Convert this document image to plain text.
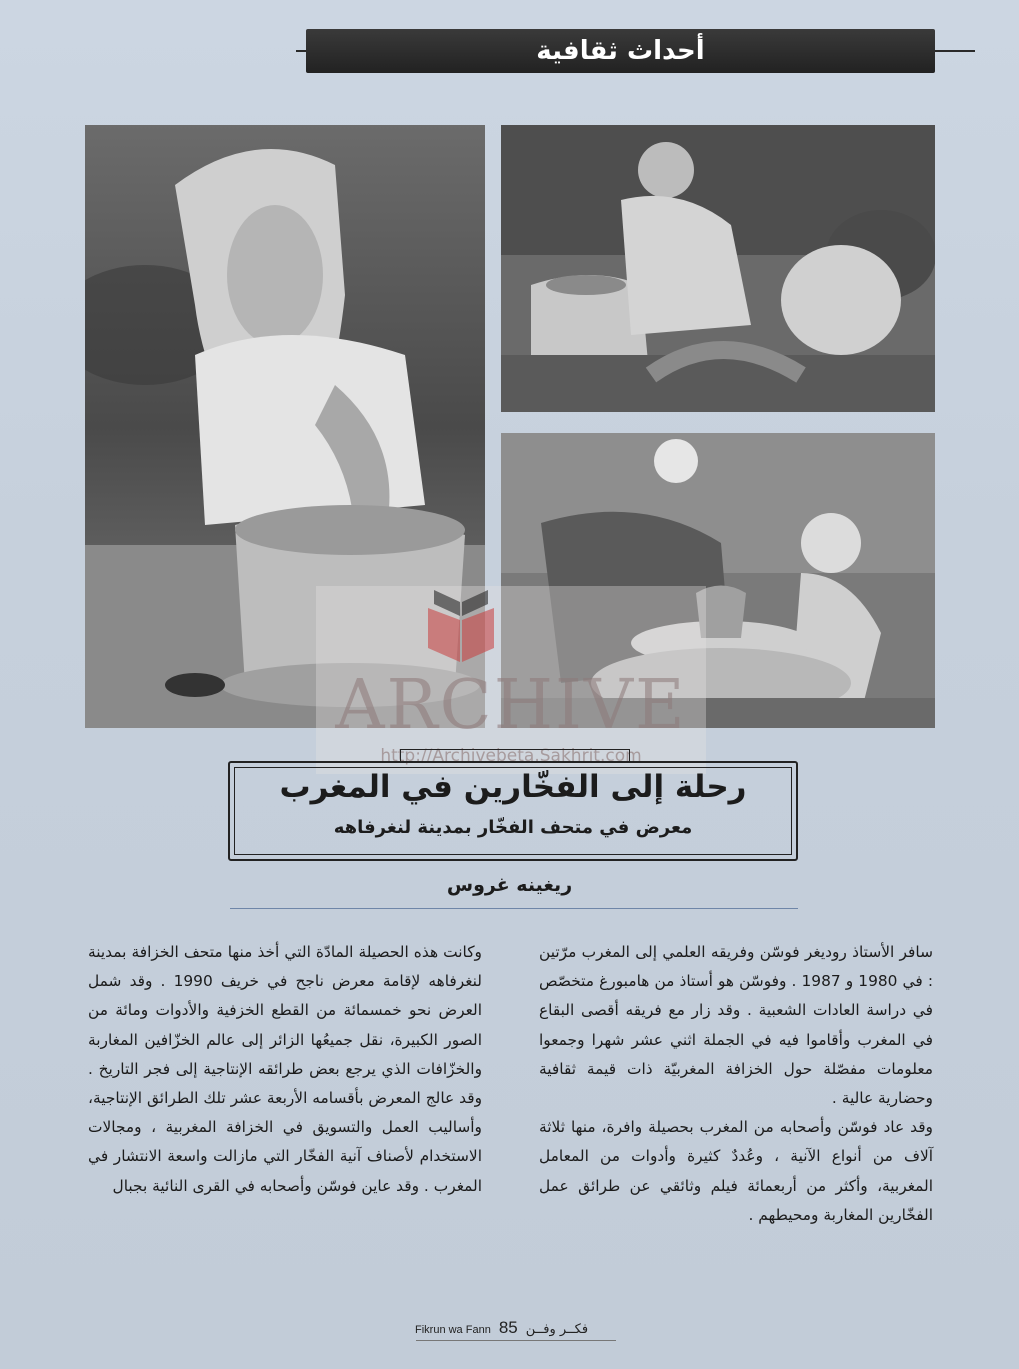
أحداث ثقافية
ARCHIVE
http://Archivebeta.Sakhrit.com
رحلة إلى الفخّارين في المغرب
معرض في متحف الفخّار بمدينة لنغرفاهه
ريغينه غروس

سافر الأستاذ روديغر فوسّن وفريقه العلمي إلى المغرب مرّتين : في 1980 و 1987 . وفوسّن هو أستاذ من هامبورغ متخصّص في دراسة العادات الشعبية . وقد زار مع فريقه أقصى البقاع في المغرب وأقاموا فيه في الجملة اثني عشر شهرا وجمعوا معلومات مفصّلة حول الخزافة المغربيّة ذات قيمة ثقافية وحضارية عالية .

وقد عاد فوسّن وأصحابه من المغرب بحصيلة وافرة، منها ثلاثة آلاف من أنواع الآنية ، وعُددٌ كثيرة وأدوات من المعامل المغربية، وأكثر من أربعمائة فيلم وثائقي عن طرائق عمل الفخّارين المغاربة ومحيطهم .

وكانت هذه الحصيلة المادّة التي أخذ منها متحف الخزافة بمدينة لنغرفاهه لإقامة معرض ناجح في خريف 1990 . وقد شمل العرض نحو خمسمائة من القطع الخزفية والأدوات ومائة من الصور الكبيرة، نقل جميعُها الزائر إلى عالم الخزّافين المغاربة والخزّافات الذي يرجع بعض طرائقه الإنتاجية إلى فجر التاريخ . وقد عالج المعرض بأقسامه الأربعة عشر تلك الطرائق الإنتاجية، وأساليب العمل والتسويق في الخزافة المغربية ، ومجالات الاستخدام لأصناف آنية الفخّار التي مازالت واسعة الانتشار في المغرب . وقد عاين فوسّن وأصحابه في القرى النائية بجبال

Fikrun wa Fann 85 فكــر وفــن
